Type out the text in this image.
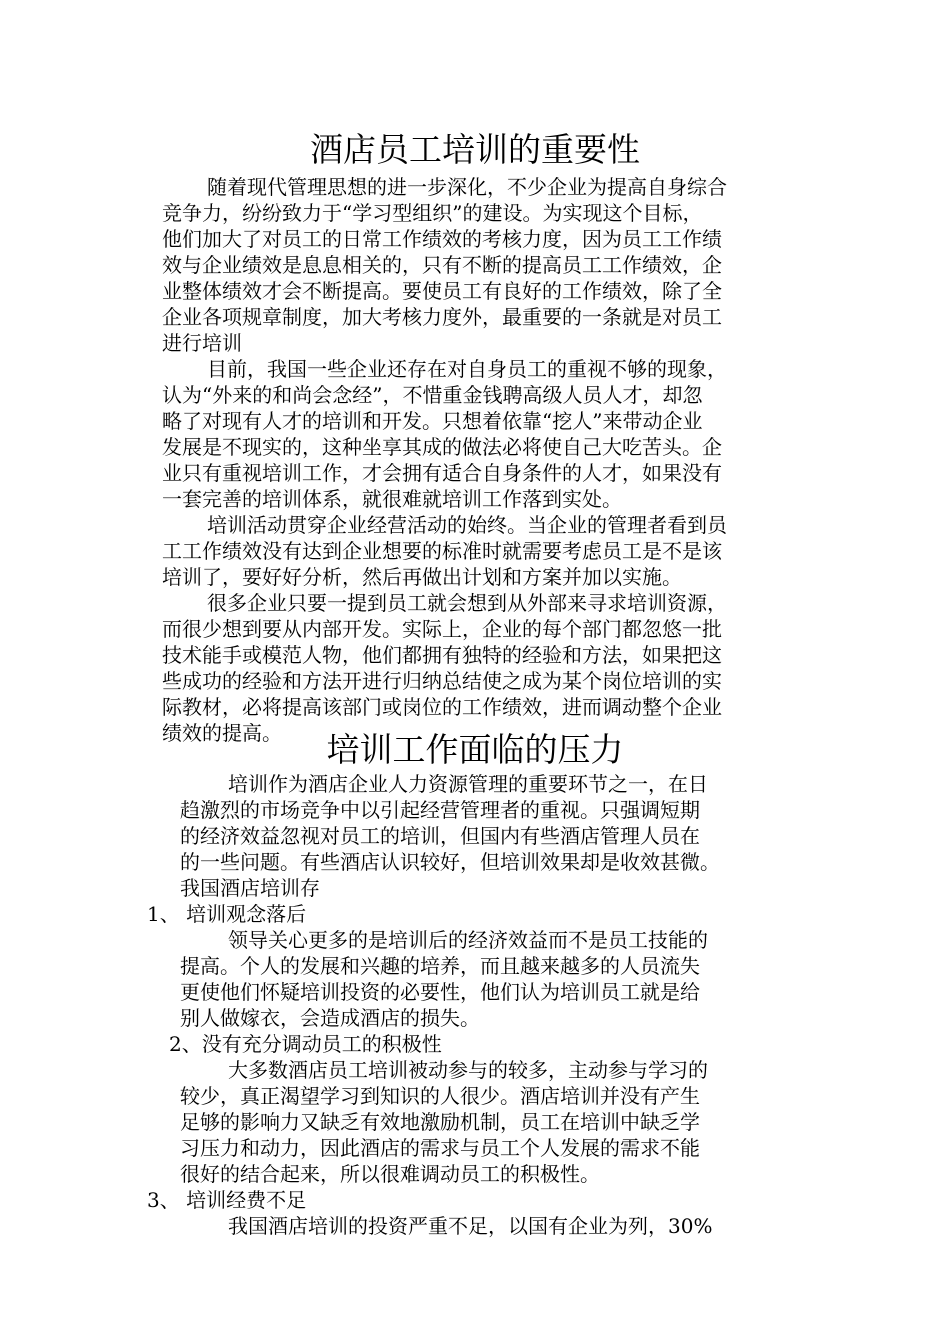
酒店员工培训的重要性

随着现代管理思想的进一步深化，不少企业为提高自身综合

竞争力，纷纷致力于“学习型组织”的建设。为实现这个目标，

他们加大了对员工的日常工作绩效的考核力度，因为员工工作绩

效与企业绩效是息息相关的，只有不断的提高员工工作绩效，企

业整体绩效才会不断提高。要使员工有良好的工作绩效，除了全

企业各项规章制度，加大考核力度外，最重要的一条就是对员工

进行培训

目前，我国一些企业还存在对自身员工的重视不够的现象，

认为“外来的和尚会念经”，不惜重金钱聘高级人员人才，却忽

略了对现有人才的培训和开发。只想着依靠“挖人”来带动企业

发展是不现实的，这种坐享其成的做法必将使自己大吃苦头。企

业只有重视培训工作，才会拥有适合自身条件的人才，如果没有

一套完善的培训体系，就很难就培训工作落到实处。

培训活动贯穿企业经营活动的始终。当企业的管理者看到员

工工作绩效没有达到企业想要的标准时就需要考虑员工是不是该

培训了，要好好分析，然后再做出计划和方案并加以实施。

很多企业只要一提到员工就会想到从外部来寻求培训资源，

而很少想到要从内部开发。实际上，企业的每个部门都忽悠一批

技术能手或模范人物，他们都拥有独特的经验和方法，如果把这

些成功的经验和方法开进行归纳总结使之成为某个岗位培训的实

际教材，必将提高该部门或岗位的工作绩效，进而调动整个企业

绩效的提高。	培训工作面临的压力

培训作为酒店企业人力资源管理的重要环节之一，在日

趋激烈的市场竞争中以引起经营管理者的重视。只强调短期

的经济效益忽视对员工的培训，但国内有些酒店管理人员在

的一些问题。有些酒店认识较好，但培训效果却是收效甚微。

我国酒店培训存

1、 培训观念落后

领导关心更多的是培训后的经济效益而不是员工技能的

提高。个人的发展和兴趣的培养，而且越来越多的人员流失

更使他们怀疑培训投资的必要性，他们认为培训员工就是给

别人做嫁衣，会造成酒店的损失。

2、没有充分调动员工的积极性

大多数酒店员工培训被动参与的较多，主动参与学习的

较少，真正渴望学习到知识的人很少。酒店培训并没有产生

足够的影响力又缺乏有效地激励机制，员工在培训中缺乏学

习压力和动力，因此酒店的需求与员工个人发展的需求不能

很好的结合起来，所以很难调动员工的积极性。

3、 培训经费不足

我国酒店培训的投资严重不足，以国有企业为列，30%
